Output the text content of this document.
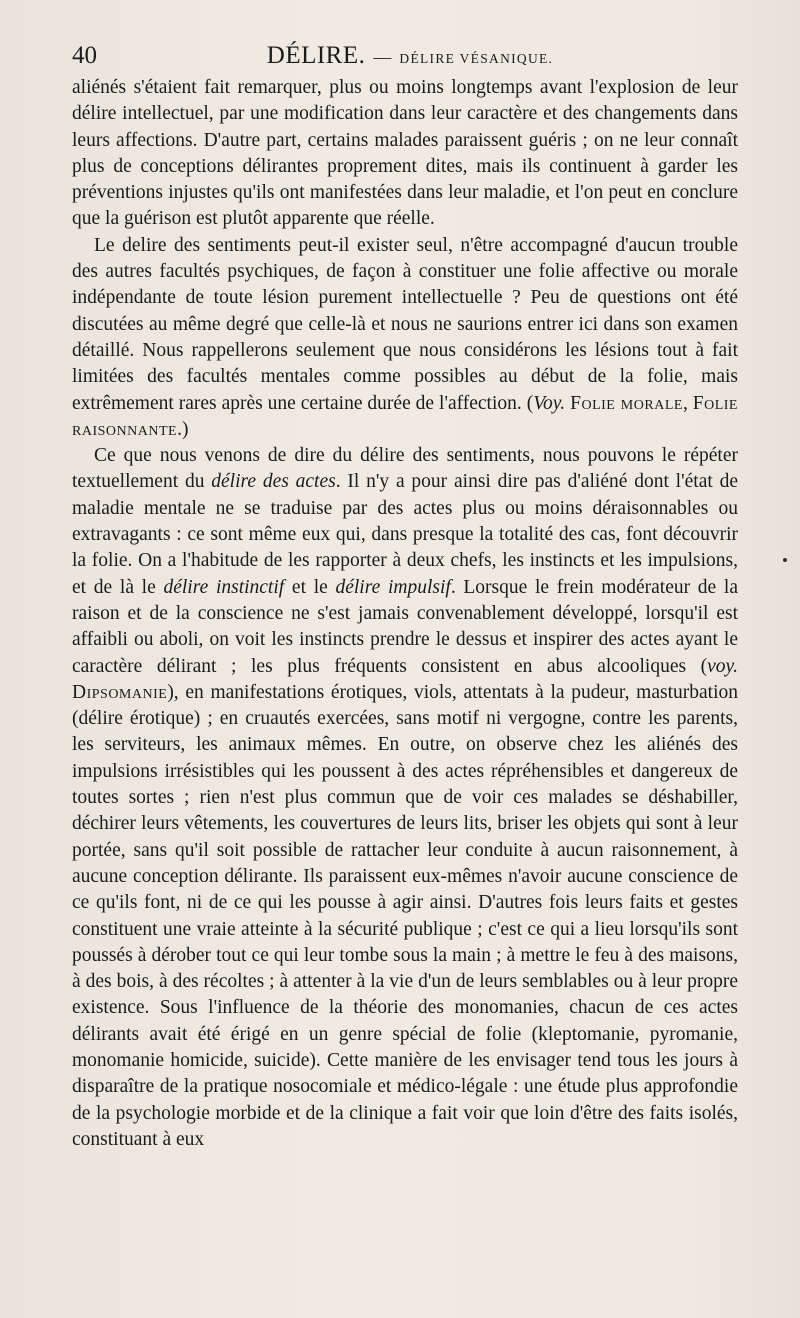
40	DÉLIRE. — DÉLIRE VÉSANIQUE.

aliénés s'étaient fait remarquer, plus ou moins longtemps avant l'explosion de leur délire intellectuel, par une modification dans leur caractère et des changements dans leurs affections. D'autre part, certains malades paraissent guéris ; on ne leur connaît plus de conceptions délirantes proprement dites, mais ils continuent à garder les préventions injustes qu'ils ont manifestées dans leur maladie, et l'on peut en conclure que la guérison est plutôt apparente que réelle.

Le delire des sentiments peut-il exister seul, n'être accompagné d'aucun trouble des autres facultés psychiques, de façon à constituer une folie affective ou morale indépendante de toute lésion purement intellectuelle ? Peu de questions ont été discutées au même degré que celle-là et nous ne saurions entrer ici dans son examen détaillé. Nous rappellerons seulement que nous considérons les lésions tout à fait limitées des facultés mentales comme possibles au début de la folie, mais extrêmement rares après une certaine durée de l'affection. (Voy. Folie morale, Folie raisonnante.)

Ce que nous venons de dire du délire des sentiments, nous pouvons le répéter textuellement du délire des actes. Il n'y a pour ainsi dire pas d'aliéné dont l'état de maladie mentale ne se traduise par des actes plus ou moins déraisonnables ou extravagants : ce sont même eux qui, dans presque la totalité des cas, font découvrir la folie. On a l'habitude de les rapporter à deux chefs, les instincts et les impulsions, et de là le délire instinctif et le délire impulsif. Lorsque le frein modérateur de la raison et de la conscience ne s'est jamais convenablement développé, lorsqu'il est affaibli ou aboli, on voit les instincts prendre le dessus et inspirer des actes ayant le caractère délirant ; les plus fréquents consistent en abus alcooliques (voy. Dipsomanie), en manifestations érotiques, viols, attentats à la pudeur, masturbation (délire érotique) ; en cruautés exercées, sans motif ni vergogne, contre les parents, les serviteurs, les animaux mêmes. En outre, on observe chez les aliénés des impulsions irrésistibles qui les poussent à des actes répréhensibles et dangereux de toutes sortes ; rien n'est plus commun que de voir ces malades se déshabiller, déchirer leurs vêtements, les couvertures de leurs lits, briser les objets qui sont à leur portée, sans qu'il soit possible de rattacher leur conduite à aucun raisonnement, à aucune conception délirante. Ils paraissent eux-mêmes n'avoir aucune conscience de ce qu'ils font, ni de ce qui les pousse à agir ainsi. D'autres fois leurs faits et gestes constituent une vraie atteinte à la sécurité publique ; c'est ce qui a lieu lorsqu'ils sont poussés à dérober tout ce qui leur tombe sous la main ; à mettre le feu à des maisons, à des bois, à des récoltes ; à attenter à la vie d'un de leurs semblables ou à leur propre existence. Sous l'influence de la théorie des monomanies, chacun de ces actes délirants avait été érigé en un genre spécial de folie (kleptomanie, pyromanie, monomanie homicide, suicide). Cette manière de les envisager tend tous les jours à disparaître de la pratique nosocomiale et médico-légale : une étude plus approfondie de la psychologie morbide et de la clinique a fait voir que loin d'être des faits isolés, constituant à eux
